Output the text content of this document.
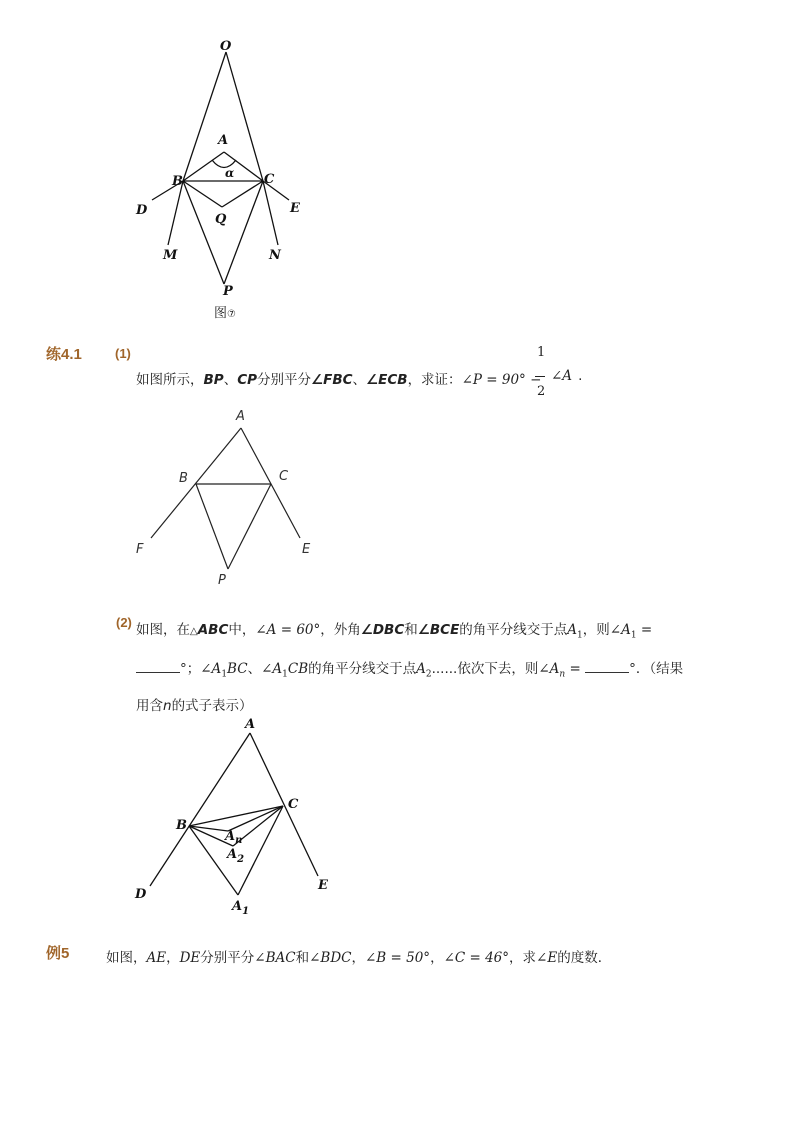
O
A
α
B	C
Q
D	E
M	N
P
图⑦
练4.1	(1)
如图所示，BP、CP分别平分∠FBC、∠ECB，求证：∠P = 90° −
1
2
∠A .
A
B	C
F	E
P
(2) 如图，在△ABC中，∠A = 60°，外角∠DBC和∠BCE的角平分线交于点$A_1$，则$\angle A_1$ =
°；$\angle A_1BC$、$\angle A_1CB$的角平分线交于点$A_2$......依次下去，则$\angle A_n$ =	°．（结果
用含n的式子表示）
A
B
C
$A_n$
$A_2$
D
E
$A_1$
例5	如图，AE，DE分别平分∠BAC和∠BDC，∠B = 50°，∠C = 46°，求∠E的度数．
